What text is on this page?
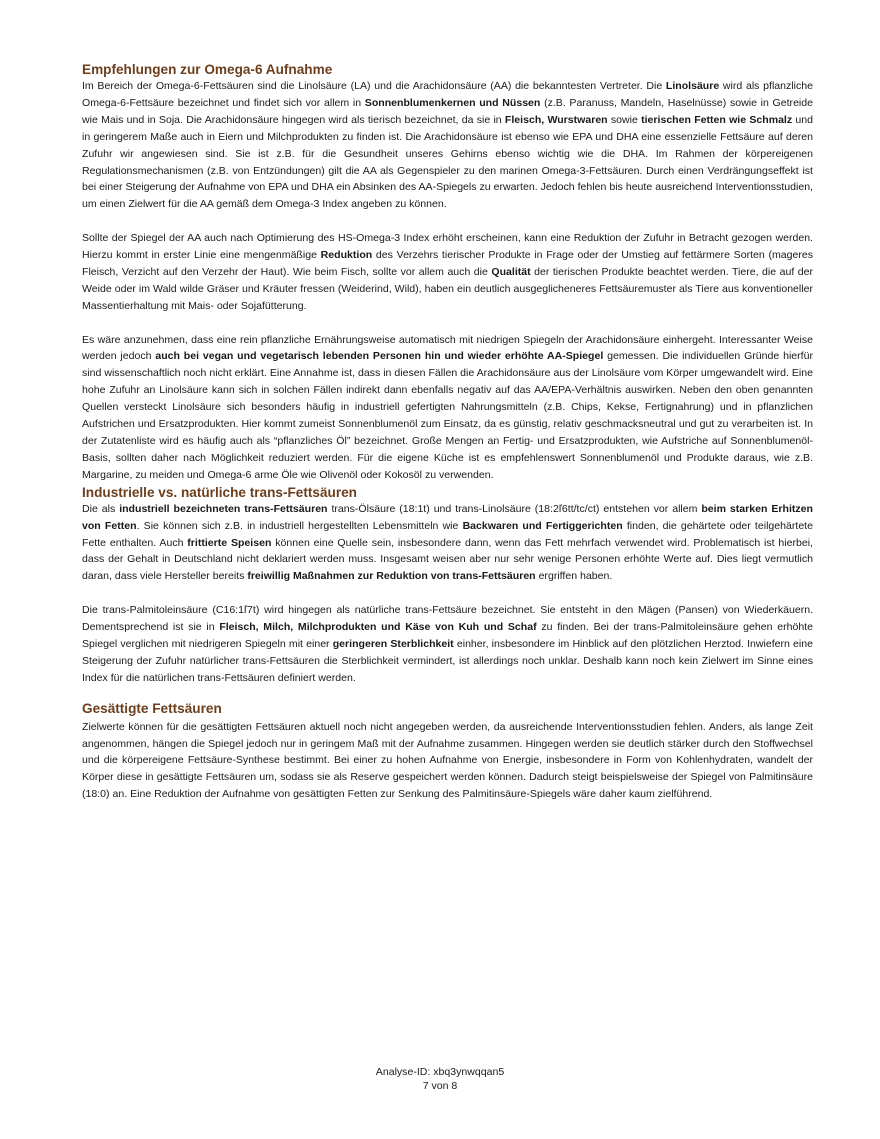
Empfehlungen zur Omega-6 Aufnahme

Im Bereich der Omega-6-Fettsäuren sind die Linolsäure (LA) und die Arachidonsäure (AA) die bekanntesten Vertreter. Die Linolsäure wird als pflanzliche Omega-6-Fettsäure bezeichnet und findet sich vor allem in Sonnenblumenkernen und Nüssen (z.B. Paranuss, Mandeln, Haselnüsse) sowie in Getreide wie Mais und in Soja. Die Arachidonsäure hingegen wird als tierisch bezeichnet, da sie in Fleisch, Wurstwaren sowie tierischen Fetten wie Schmalz und in geringerem Maße auch in Eiern und Milchprodukten zu finden ist. Die Arachidonsäure ist ebenso wie EPA und DHA eine essenzielle Fettsäure auf deren Zufuhr wir angewiesen sind. Sie ist z.B. für die Gesundheit unseres Gehirns ebenso wichtig wie die DHA. Im Rahmen der körpereigenen Regulationsmechanismen (z.B. von Entzündungen) gilt die AA als Gegenspieler zu den marinen Omega-3-Fettsäuren. Durch einen Verdrängungseffekt ist bei einer Steigerung der Aufnahme von EPA und DHA ein Absinken des AA-Spiegels zu erwarten. Jedoch fehlen bis heute ausreichend Interventionsstudien, um einen Zielwert für die AA gemäß dem Omega-3 Index angeben zu können.

Sollte der Spiegel der AA auch nach Optimierung des HS-Omega-3 Index erhöht erscheinen, kann eine Reduktion der Zufuhr in Betracht gezogen werden. Hierzu kommt in erster Linie eine mengenmäßige Reduktion des Verzehrs tierischer Produkte in Frage oder der Umstieg auf fettärmere Sorten (mageres Fleisch, Verzicht auf den Verzehr der Haut). Wie beim Fisch, sollte vor allem auch die Qualität der tierischen Produkte beachtet werden. Tiere, die auf der Weide oder im Wald wilde Gräser und Kräuter fressen (Weiderind, Wild), haben ein deutlich ausgeglicheneres Fettsäuremuster als Tiere aus konventioneller Massentierhaltung mit Mais- oder Sojafütterung.

Es wäre anzunehmen, dass eine rein pflanzliche Ernährungsweise automatisch mit niedrigen Spiegeln der Arachidonsäure einhergeht. Interessanter Weise werden jedoch auch bei vegan und vegetarisch lebenden Personen hin und wieder erhöhte AA-Spiegel gemessen. Die individuellen Gründe hierfür sind wissenschaftlich noch nicht erklärt. Eine Annahme ist, dass in diesen Fällen die Arachidonsäure aus der Linolsäure vom Körper umgewandelt wird. Eine hohe Zufuhr an Linolsäure kann sich in solchen Fällen indirekt dann ebenfalls negativ auf das AA/EPA-Verhältnis auswirken. Neben den oben genannten Quellen versteckt Linolsäure sich besonders häufig in industriell gefertigten Nahrungsmitteln (z.B. Chips, Kekse, Fertignahrung) und in pflanzlichen Aufstrichen und Ersatzprodukten. Hier kommt zumeist Sonnenblumenöl zum Einsatz, da es günstig, relativ geschmacksneutral und gut zu verarbeiten ist. In der Zutatenliste wird es häufig auch als “pflanzliches Öl” bezeichnet. Große Mengen an Fertig- und Ersatzprodukten, wie Aufstriche auf Sonnenblumenöl-Basis, sollten daher nach Möglichkeit reduziert werden. Für die eigene Küche ist es empfehlenswert Sonnenblumenöl und Produkte daraus, wie z.B. Margarine, zu meiden und Omega-6 arme Öle wie Olivenöl oder Kokosöl zu verwenden.

Industrielle vs. natürliche trans-Fettsäuren

Die als industriell bezeichneten trans-Fettsäuren trans-Ölsäure (18:1t) und trans-Linolsäure (18:2ľ6tt/tc/ct) entstehen vor allem beim starken Erhitzen von Fetten. Sie können sich z.B. in industriell hergestellten Lebensmitteln wie Backwaren und Fertiggerichten finden, die gehärtete oder teilgehärtete Fette enthalten. Auch frittierte Speisen können eine Quelle sein, insbesondere dann, wenn das Fett mehrfach verwendet wird. Problematisch ist hierbei, dass der Gehalt in Deutschland nicht deklariert werden muss. Insgesamt weisen aber nur sehr wenige Personen erhöhte Werte auf. Dies liegt vermutlich daran, dass viele Hersteller bereits freiwillig Maßnahmen zur Reduktion von trans-Fettsäuren ergriffen haben.

Die trans-Palmitoleinsäure (C16:1ľ7t) wird hingegen als natürliche trans-Fettsäure bezeichnet. Sie entsteht in den Mägen (Pansen) von Wiederkäuern. Dementsprechend ist sie in Fleisch, Milch, Milchprodukten und Käse von Kuh und Schaf zu finden. Bei der trans-Palmitoleinsäure gehen erhöhte Spiegel verglichen mit niedrigeren Spiegeln mit einer geringeren Sterblichkeit einher, insbesondere im Hinblick auf den plötzlichen Herztod. Inwiefern eine Steigerung der Zufuhr natürlicher trans-Fettsäuren die Sterblichkeit vermindert, ist allerdings noch unklar. Deshalb kann noch kein Zielwert im Sinne eines Index für die natürlichen trans-Fettsäuren definiert werden.

Gesättigte Fettsäuren

Zielwerte können für die gesättigten Fettsäuren aktuell noch nicht angegeben werden, da ausreichende Interventionsstudien fehlen. Anders, als lange Zeit angenommen, hängen die Spiegel jedoch nur in geringem Maß mit der Aufnahme zusammen. Hingegen werden sie deutlich stärker durch den Stoffwechsel und die körpereigene Fettsäure-Synthese bestimmt. Bei einer zu hohen Aufnahme von Energie, insbesondere in Form von Kohlenhydraten, wandelt der Körper diese in gesättigte Fettsäuren um, sodass sie als Reserve gespeichert werden können. Dadurch steigt beispielsweise der Spiegel von Palmitinsäure (18:0) an. Eine Reduktion der Aufnahme von gesättigten Fetten zur Senkung des Palmitinsäure-Spiegels wäre daher kaum zielführend.

Analyse-ID: xbq3ynwqqan5
7 von 8
